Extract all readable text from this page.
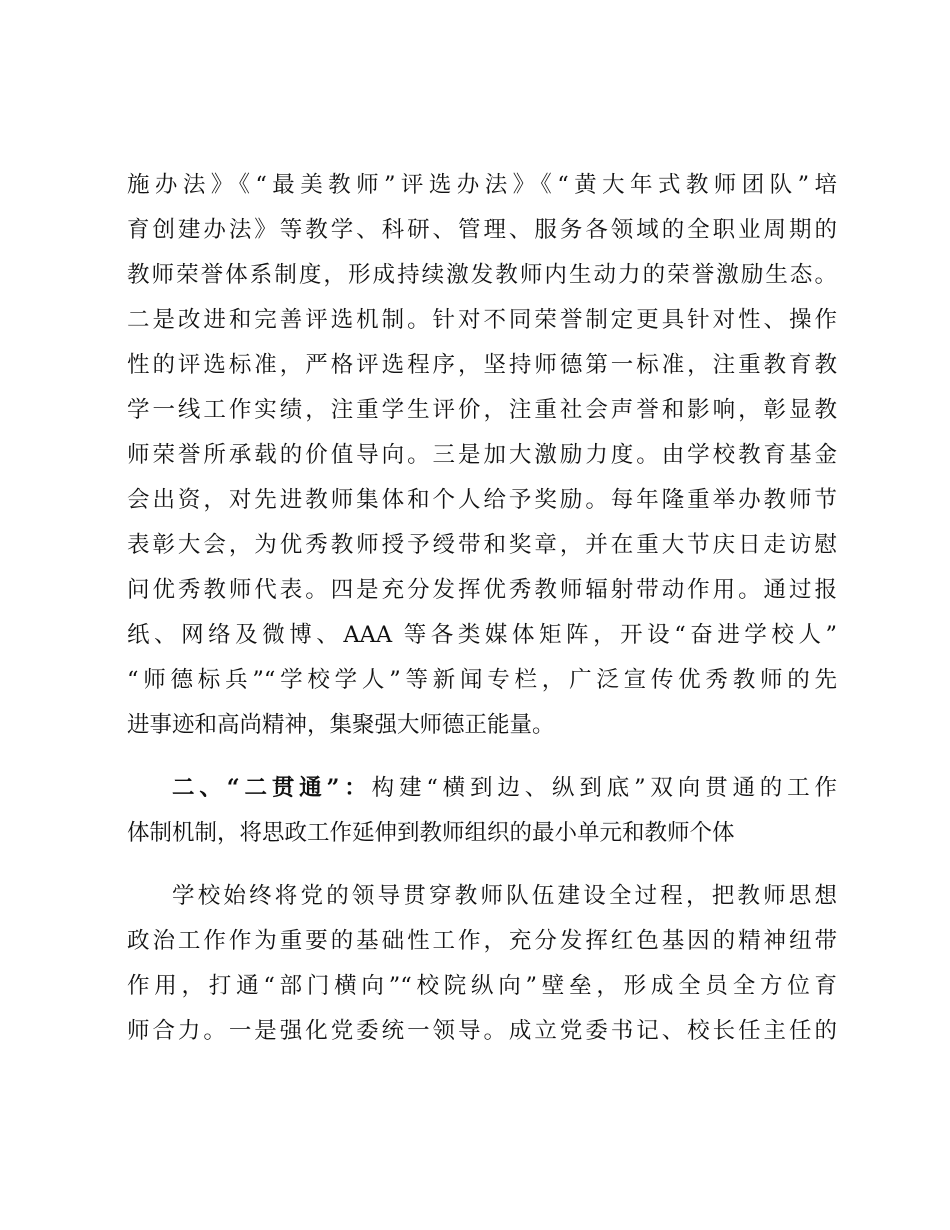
施办法》《“最美教师”评选办法》《“黄大年式教师团队”培
育创建办法》等教学、科研、管理、服务各领域的全职业周期的
教师荣誉体系制度，形成持续激发教师内生动力的荣誉激励生态。
二是改进和完善评选机制。针对不同荣誉制定更具针对性、操作
性的评选标准，严格评选程序，坚持师德第一标准，注重教育教
学一线工作实绩，注重学生评价，注重社会声誉和影响，彰显教
师荣誉所承载的价值导向。三是加大激励力度。由学校教育基金
会出资，对先进教师集体和个人给予奖励。每年隆重举办教师节
表彰大会，为优秀教师授予绶带和奖章，并在重大节庆日走访慰
问优秀教师代表。四是充分发挥优秀教师辐射带动作用。通过报
纸、网络及微博、AAA 等各类媒体矩阵，开设“奋进学校人”
“师德标兵”“学校学人”等新闻专栏，广泛宣传优秀教师的先
进事迹和高尚精神，集聚强大师德正能量。
二、“二贯通”：构建“横到边、纵到底”双向贯通的工作
体制机制，将思政工作延伸到教师组织的最小单元和教师个体
学校始终将党的领导贯穿教师队伍建设全过程，把教师思想
政治工作作为重要的基础性工作，充分发挥红色基因的精神纽带
作用，打通“部门横向”“校院纵向”壁垒，形成全员全方位育
师合力。一是强化党委统一领导。成立党委书记、校长任主任的
